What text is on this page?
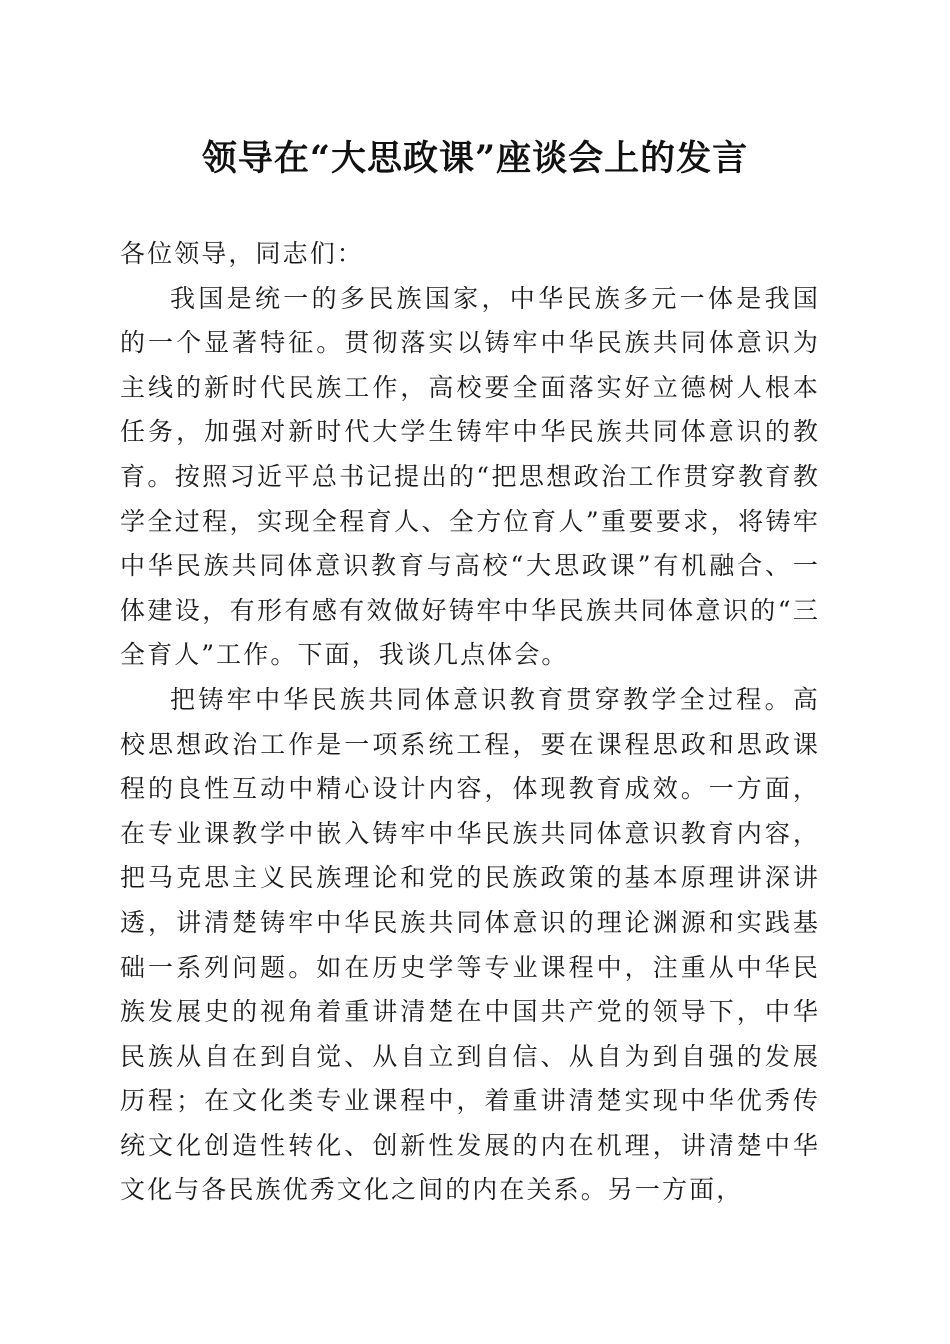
领导在“大思政课”座谈会上的发言

各位领导，同志们：

我国是统一的多民族国家，中华民族多元一体是我国的一个显著特征。贯彻落实以铸牢中华民族共同体意识为主线的新时代民族工作，高校要全面落实好立德树人根本任务，加强对新时代大学生铸牢中华民族共同体意识的教育。按照习近平总书记提出的“把思想政治工作贯穿教育教学全过程，实现全程育人、全方位育人”重要要求，将铸牢中华民族共同体意识教育与高校“大思政课”有机融合、一体建设，有形有感有效做好铸牢中华民族共同体意识的“三全育人”工作。下面，我谈几点体会。

把铸牢中华民族共同体意识教育贯穿教学全过程。高校思想政治工作是一项系统工程，要在课程思政和思政课程的良性互动中精心设计内容，体现教育成效。一方面，在专业课教学中嵌入铸牢中华民族共同体意识教育内容，把马克思主义民族理论和党的民族政策的基本原理讲深讲透，讲清楚铸牢中华民族共同体意识的理论渊源和实践基础一系列问题。如在历史学等专业课程中，注重从中华民族发展史的视角着重讲清楚在中国共产党的领导下，中华民族从自在到自觉、从自立到自信、从自为到自强的发展历程；在文化类专业课程中，着重讲清楚实现中华优秀传统文化创造性转化、创新性发展的内在机理，讲清楚中华文化与各民族优秀文化之间的内在关系。另一方面，
